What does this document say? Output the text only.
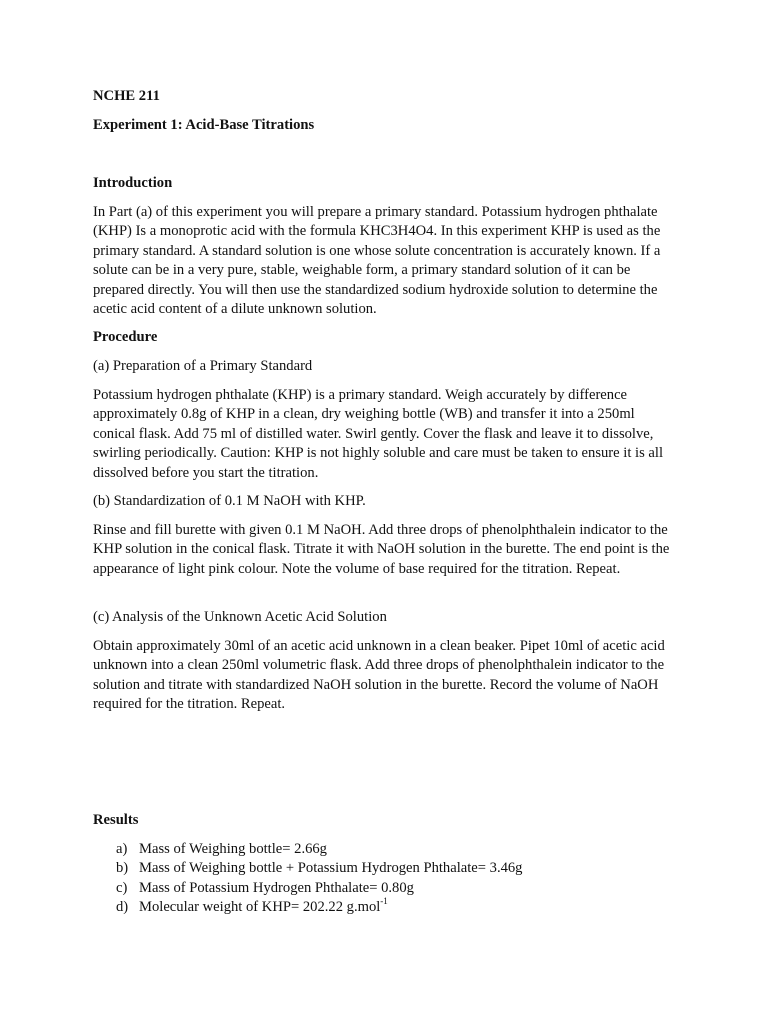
NCHE 211

Experiment 1: Acid-Base Titrations

Introduction

In Part (a) of this experiment you will prepare a primary standard. Potassium hydrogen phthalate (KHP) Is a monoprotic acid with the formula KHC3H4O4. In this experiment KHP is used as the primary standard. A standard solution is one whose solute concentration is accurately known. If a solute can be in a very pure, stable, weighable form, a primary standard solution of it can be prepared directly. You will then use the standardized sodium hydroxide solution to determine the acetic acid content of a dilute unknown solution.

Procedure

(a) Preparation of a Primary Standard

Potassium hydrogen phthalate (KHP) is a primary standard. Weigh accurately by difference approximately 0.8g of KHP in a clean, dry weighing bottle (WB) and transfer it into a 250ml conical flask. Add 75 ml of distilled water. Swirl gently. Cover the flask and leave it to dissolve, swirling periodically. Caution: KHP is not highly soluble and care must be taken to ensure it is all dissolved before you start the titration.

(b) Standardization of 0.1 M NaOH with KHP.

Rinse and fill burette with given 0.1 M NaOH. Add three drops of phenolphthalein indicator to the KHP solution in the conical flask. Titrate it with NaOH solution in the burette. The end point is the appearance of light pink colour. Note the volume of base required for the titration. Repeat.

(c) Analysis of the Unknown Acetic Acid Solution

Obtain approximately 30ml of an acetic acid unknown in a clean beaker. Pipet 10ml of acetic acid unknown into a clean 250ml volumetric flask. Add three drops of phenolphthalein indicator to the solution and titrate with standardized NaOH solution in the burette. Record the volume of NaOH required for the titration. Repeat.

Results

a) Mass of Weighing bottle= 2.66g
b) Mass of Weighing bottle + Potassium Hydrogen Phthalate= 3.46g
c) Mass of Potassium Hydrogen Phthalate= 0.80g
d) Molecular weight of KHP= 202.22 g.mol$^{-1}$
